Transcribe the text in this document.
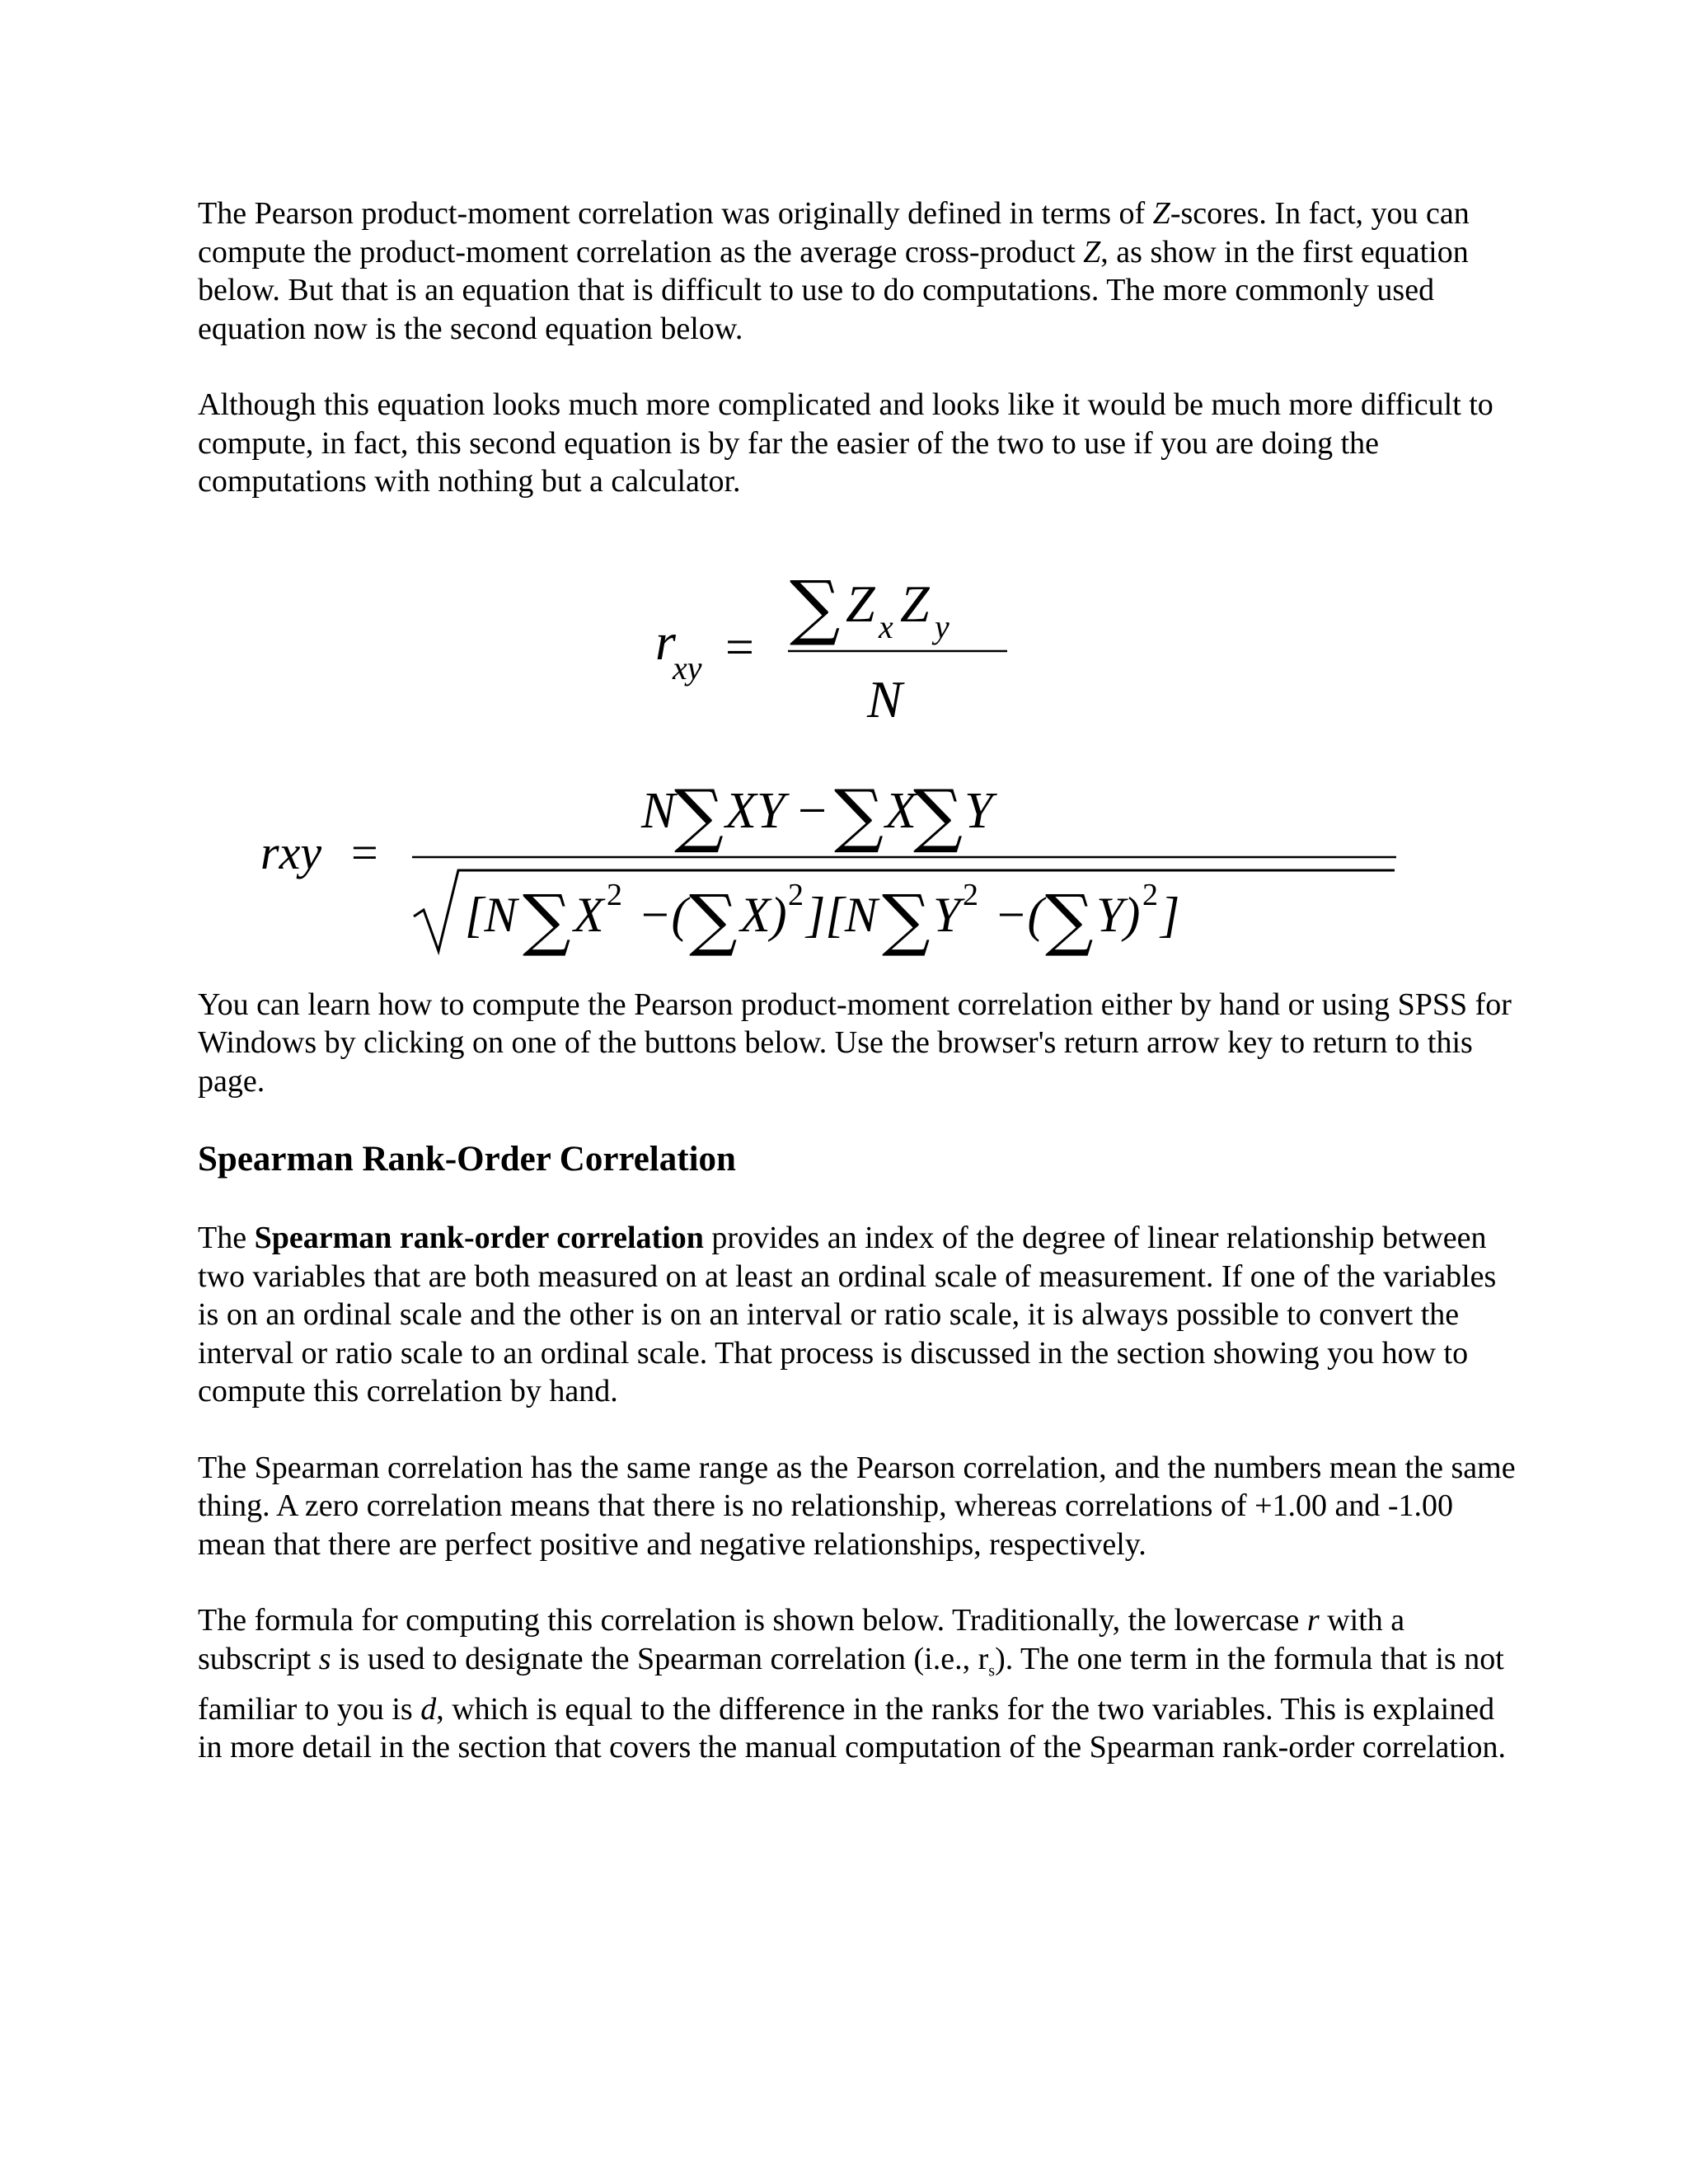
The Pearson product-moment correlation was originally defined in terms of Z-scores. In fact, you can compute the product-moment correlation as the average cross-product Z, as show in the first equation below. But that is an equation that is difficult to use to do computations. The more commonly used equation now is the second equation below.

Although this equation looks much more complicated and looks like it would be much more difficult to compute, in fact, this second equation is by far the easier of the two to use if you are doing the computations with nothing but a calculator.

r
xy = ∑ Z x Z y
N
rxy =
N
∑ XY − ∑ X
∑ Y
[N ∑ X 2 −( ∑ X) 2 ][N ∑ Y 2 −( ∑ Y) 2 ]

You can learn how to compute the Pearson product-moment correlation either by hand or using SPSS for Windows by clicking on one of the buttons below. Use the browser's return arrow key to return to this page.

Spearman Rank-Order Correlation

The Spearman rank-order correlation provides an index of the degree of linear relationship between two variables that are both measured on at least an ordinal scale of measurement. If one of the variables is on an ordinal scale and the other is on an interval or ratio scale, it is always possible to convert the interval or ratio scale to an ordinal scale. That process is discussed in the section showing you how to compute this correlation by hand.

The Spearman correlation has the same range as the Pearson correlation, and the numbers mean the same thing. A zero correlation means that there is no relationship, whereas correlations of +1.00 and -1.00 mean that there are perfect positive and negative relationships, respectively.

The formula for computing this correlation is shown below. Traditionally, the lowercase r with a subscript s is used to designate the Spearman correlation (i.e., $r_s$). The one term in the formula that is not familiar to you is d, which is equal to the difference in the ranks for the two variables. This is explained in more detail in the section that covers the manual computation of the Spearman rank-order correlation.
